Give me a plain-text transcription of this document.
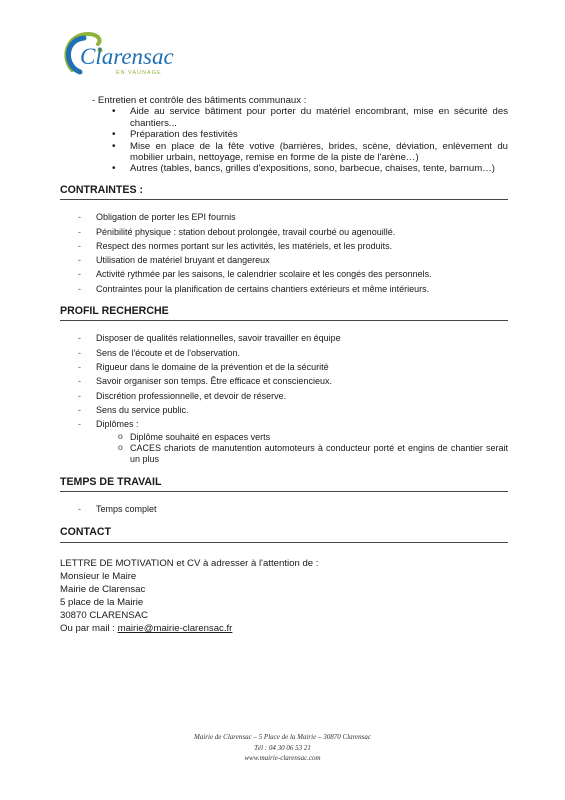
Clarensac
EN VAUNAGE
- Entretien et contrôle des bâtiments communaux :
• Aide au service bâtiment pour porter du matériel encombrant, mise en sécurité des chantiers...
• Préparation des festivités
• Mise en place de la fête votive (barrières, brides, scène, déviation, enlèvement du mobilier urbain, nettoyage, remise en forme de la piste de l'arène…)
• Autres (tables, bancs, grilles d'expositions, sono, barbecue, chaises, tente, barnum…)
CONTRAINTES :
- Obligation de porter les EPI fournis
- Pénibilité physique : station debout prolongée, travail courbé ou agenouillé.
- Respect des normes portant sur les activités, les matériels, et les produits.
- Utilisation de matériel bruyant et dangereux
- Activité rythmée par les saisons, le calendrier scolaire et les congés des personnels.
- Contraintes pour la planification de certains chantiers extérieurs et même intérieurs.
PROFIL RECHERCHE
- Disposer de qualités relationnelles, savoir travailler en équipe
- Sens de l'écoute et de l'observation.
- Rigueur dans le domaine de la prévention et de la sécurité
- Savoir organiser son temps. Être efficace et consciencieux.
- Discrétion professionnelle, et devoir de réserve.
- Sens du service public.
- Diplômes :
o Diplôme souhaité en espaces verts
o CACES chariots de manutention automoteurs à conducteur porté et engins de chantier serait un plus
TEMPS DE TRAVAIL
- Temps complet
CONTACT
LETTRE DE MOTIVATION et CV à adresser à l'attention de :
Monsieur le Maire
Mairie de Clarensac
5 place de la Mairie
30870 CLARENSAC
Ou par mail : mairie@mairie-clarensac.fr
Mairie de Clarensac – 5 Place de la Mairie – 30870 Clarensac
Tél : 04 30 06 53 21
www.mairie-clarensac.com
